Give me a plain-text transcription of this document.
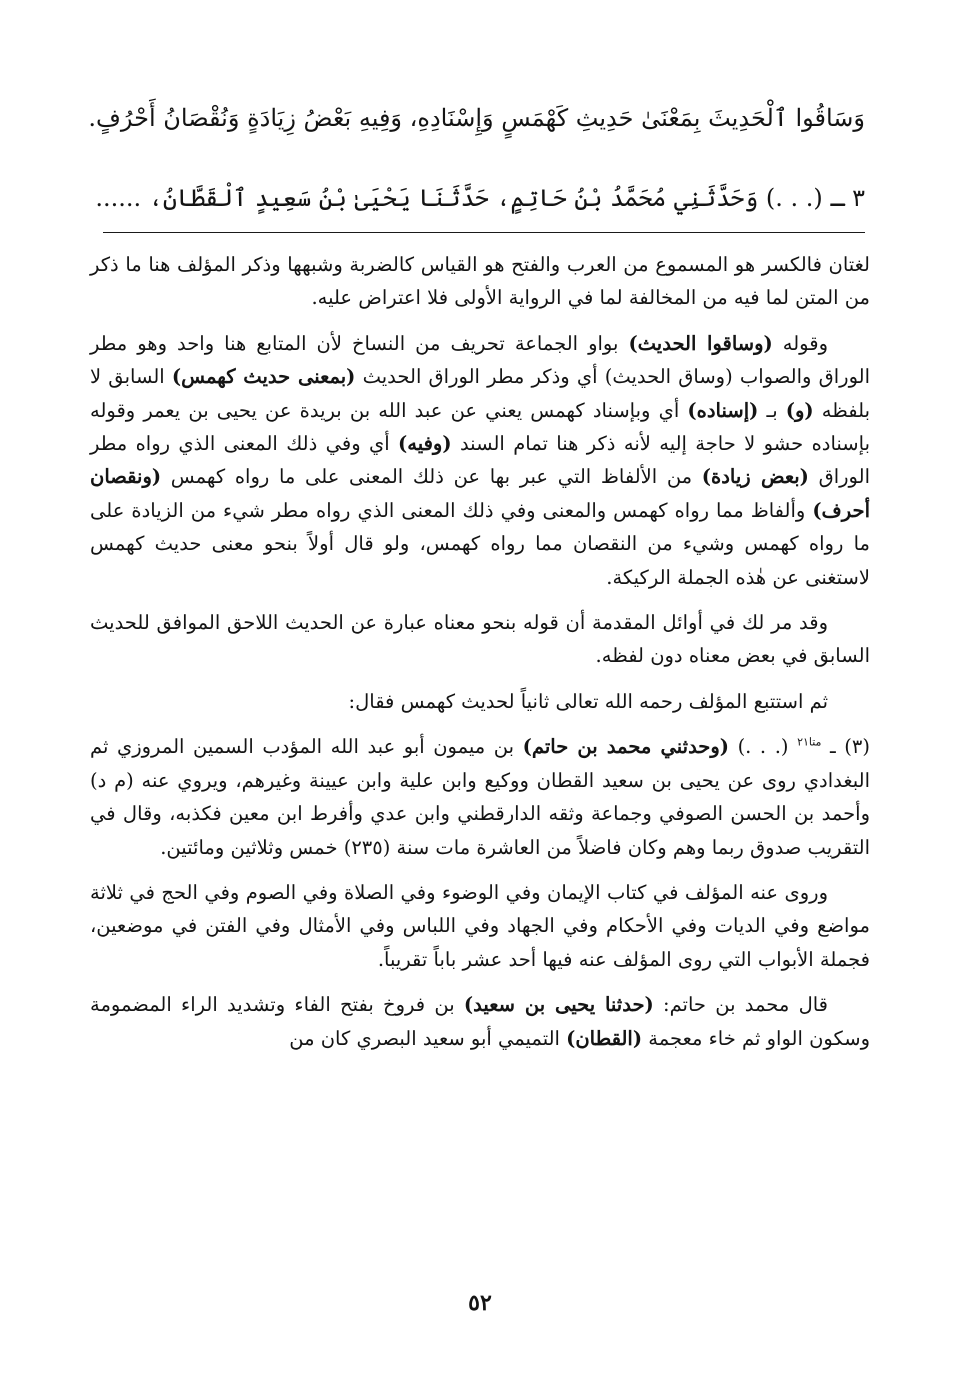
وَسَاقُوا ٱلْحَدِيثَ بِمَعْنَىٰ حَدِيثِ كَهْمَسٍ وَإِسْنَادِهِ، وَفِيهِ بَعْضُ زِيَادَةٍ وَنُقْصَانُ أَحْرُفٍ.
٣ ـ (. . .) وَحَدَّثَنِي مُحَمَّدُ بْنُ حَاتِمٍ، حَدَّثَنَا يَحْيَىٰ بْنُ سَعِيدٍ ٱلْقَطَّانُ، ......

لغتان فالكسر هو المسموع من العرب والفتح هو القياس كالضربة وشبهها وذكر المؤلف هنا ما ذكر من المتن لما فيه من المخالفة لما في الرواية الأولى فلا اعتراض عليه.

وقوله (وساقوا الحديث) بواو الجماعة تحريف من النساخ لأن المتابع هنا واحد وهو مطر الوراق والصواب (وساق الحديث) أي وذكر مطر الوراق الحديث (بمعنى حديث كهمس) السابق لا بلفظه (و) بـ (إسناده) أي وبإسناد كهمس يعني عن عبد الله بن بريدة عن يحيى بن يعمر وقوله بإسناده حشو لا حاجة إليه لأنه ذكر هنا تمام السند (وفيه) أي وفي ذلك المعنى الذي رواه مطر الوراق (بعض زيادة) من الألفاظ التي عبر بها عن ذلك المعنى على ما رواه كهمس (ونقصان أحرف) وألفاظ مما رواه كهمس والمعنى وفي ذلك المعنى الذي رواه مطر شيء من الزيادة على ما رواه كهمس وشيء من النقصان مما رواه كهمس، ولو قال أولاً بنحو معنى حديث كهمس لاستغنى عن هٰذه الجملة الركيكة.

وقد مر لك في أوائل المقدمة أن قوله بنحو معناه عبارة عن الحديث اللاحق الموافق للحديث السابق في بعض معناه دون لفظه.

ثم استتبع المؤلف رحمه الله تعالى ثانياً لحديث كهمس فقال:

(٣) ـ $^{متا٢١}$ (. . .) (وحدثني محمد بن حاتم) بن ميمون أبو عبد الله المؤدب السمين المروزي ثم البغدادي روى عن يحيى بن سعيد القطان ووكيع وابن علية وابن عيينة وغيرهم، ويروي عنه (م د) وأحمد بن الحسن الصوفي وجماعة وثقه الدارقطني وابن عدي وأفرط ابن معين فكذبه، وقال في التقريب صدوق ربما وهم وكان فاضلاً من العاشرة مات سنة (٢٣٥) خمس وثلاثين ومائتين.

وروى عنه المؤلف في كتاب الإيمان وفي الوضوء وفي الصلاة وفي الصوم وفي الحج في ثلاثة مواضع وفي الديات وفي الأحكام وفي الجهاد وفي اللباس وفي الأمثال وفي الفتن في موضعين، فجملة الأبواب التي روى المؤلف عنه فيها أحد عشر باباً تقريباً.

قال محمد بن حاتم: (حدثنا يحيى بن سعيد) بن فروخ بفتح الفاء وتشديد الراء المضمومة وسكون الواو ثم خاء معجمة (القطان) التميمي أبو سعيد البصري كان من

٥٢
